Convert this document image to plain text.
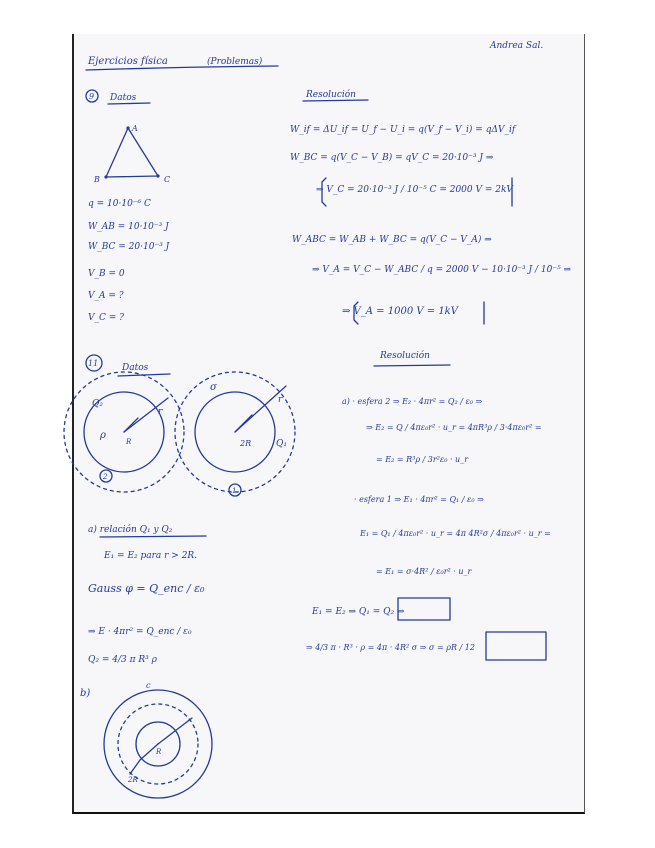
Ejercicios física	(Problemas)
Andrea Sal.
9 Datos
A
B	C
q = 10·10⁻⁶ C
W_AB = 10·10⁻³ J
W_BC = 20·10⁻³ J
V_B = 0
V_A = ?
V_C = ?
Resolución
W_if = ΔU_if = U_f − U_i = q(V_f − V_i) = qΔV_if
W_BC = q(V_C − V_B) = qV_C = 20·10⁻³ J ⇒
⇒ V_C = 20·10⁻³ J / 10⁻⁵ C = 2000 V = 2kV
W_ABC = W_AB + W_BC = q(V_C − V_A) ⇒
⇒ V_A = V_C − W_ABC / q = 2000 V − 10·10⁻³ J / 10⁻⁵ ⇒
⇒ V_A = 1000 V = 1kV
11	Datos
Q₂
ρ
R
r
2
σ
2R	Q₁
r
1
a) relación Q₁ y Q₂
E₁ = E₂ para r > 2R.
Gauss φ = Q_enc / ε₀
⇒ E · 4πr² = Q_enc / ε₀
Q₂ = 4/3 π R³ ρ
b)
c
R
2R
Resolución
a) · esfera 2 ⇒ E₂ · 4πr² = Q₂ / ε₀ ⇒
⇒ E₂ = Q / 4πε₀r² · u_r = 4πR³ρ / 3·4πε₀r² =
= E₂ = R³ρ / 3r²ε₀ · u_r
· esfera 1 ⇒ E₁ · 4πr² = Q₁ / ε₀ ⇒
E₁ = Q₁ / 4πε₀r² · u_r = 4π 4R²σ / 4πε₀r² · u_r =
= E₁ = σ·4R² / ε₀r² · u_r
E₁ = E₂ ⇒ Q₁ = Q₂ ⇒
⇒ 4/3 π · R³ · ρ = 4π · 4R² σ ⇒ σ = ρR / 12
